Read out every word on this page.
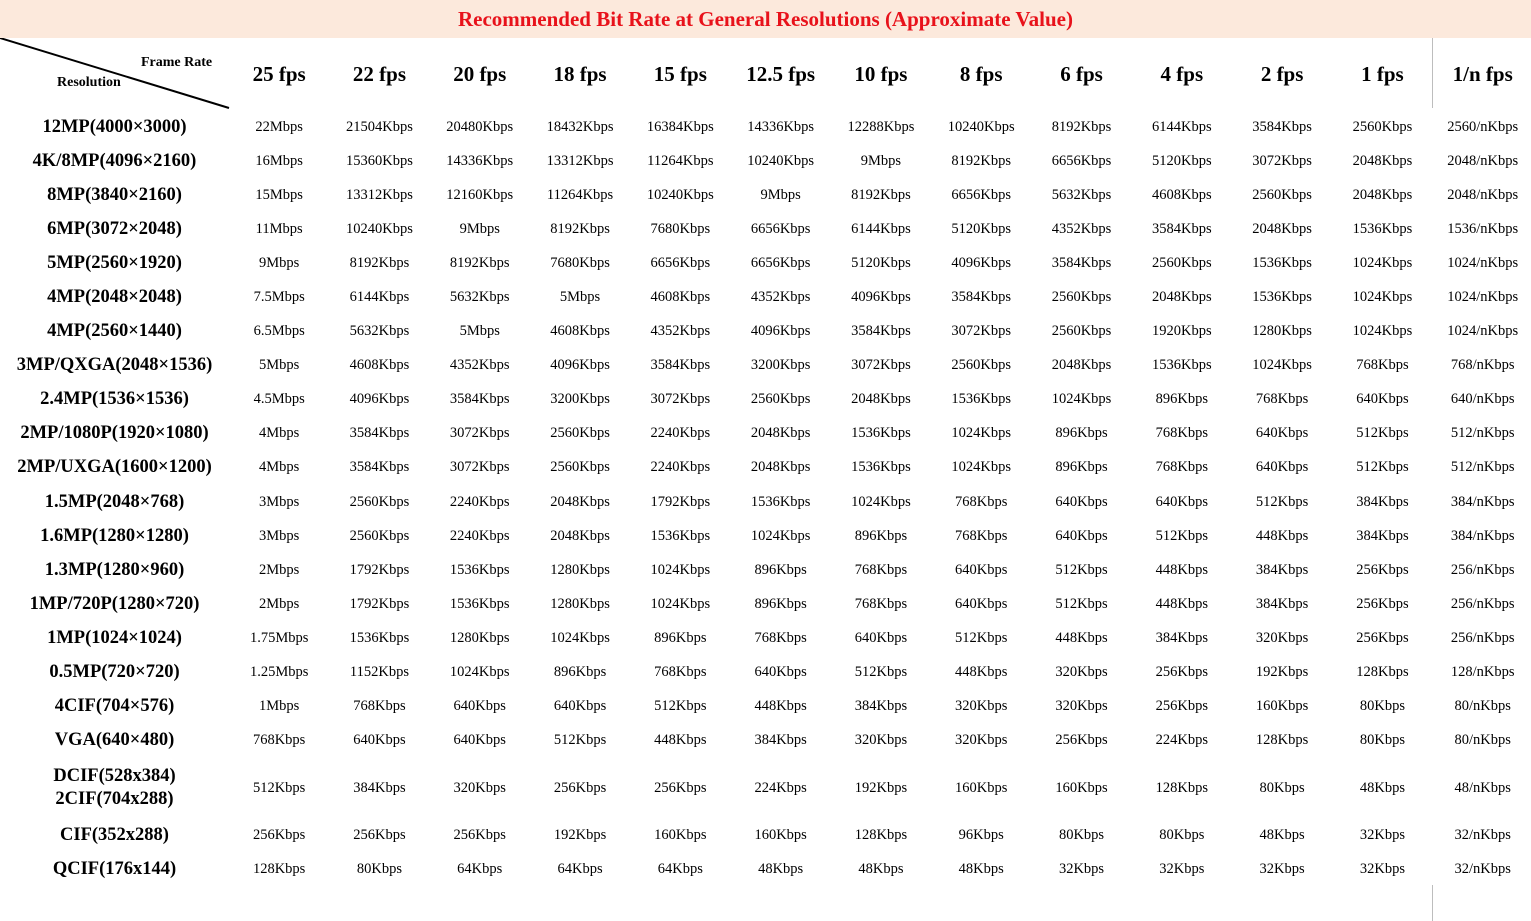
Recommended Bit Rate at General Resolutions (Approximate Value)
	25 fps	22 fps	20 fps	18 fps	15 fps	12.5 fps	10 fps	8 fps	6 fps	4 fps	2 fps	1 fps	1/n fps

12MP(4000×3000)	22Mbps	21504Kbps	20480Kbps	18432Kbps	16384Kbps	14336Kbps	12288Kbps	10240Kbps	8192Kbps	6144Kbps	3584Kbps	2560Kbps	2560/nKbps

4K/8MP(4096×2160)	16Mbps	15360Kbps	14336Kbps	13312Kbps	11264Kbps	10240Kbps	9Mbps	8192Kbps	6656Kbps	5120Kbps	3072Kbps	2048Kbps	2048/nKbps

8MP(3840×2160)	15Mbps	13312Kbps	12160Kbps	11264Kbps	10240Kbps	9Mbps	8192Kbps	6656Kbps	5632Kbps	4608Kbps	2560Kbps	2048Kbps	2048/nKbps

6MP(3072×2048)	11Mbps	10240Kbps	9Mbps	8192Kbps	7680Kbps	6656Kbps	6144Kbps	5120Kbps	4352Kbps	3584Kbps	2048Kbps	1536Kbps	1536/nKbps

5MP(2560×1920)	9Mbps	8192Kbps	8192Kbps	7680Kbps	6656Kbps	6656Kbps	5120Kbps	4096Kbps	3584Kbps	2560Kbps	1536Kbps	1024Kbps	1024/nKbps

4MP(2048×2048)	7.5Mbps	6144Kbps	5632Kbps	5Mbps	4608Kbps	4352Kbps	4096Kbps	3584Kbps	2560Kbps	2048Kbps	1536Kbps	1024Kbps	1024/nKbps

4MP(2560×1440)	6.5Mbps	5632Kbps	5Mbps	4608Kbps	4352Kbps	4096Kbps	3584Kbps	3072Kbps	2560Kbps	1920Kbps	1280Kbps	1024Kbps	1024/nKbps

3MP/QXGA(2048×1536)	5Mbps	4608Kbps	4352Kbps	4096Kbps	3584Kbps	3200Kbps	3072Kbps	2560Kbps	2048Kbps	1536Kbps	1024Kbps	768Kbps	768/nKbps

2.4MP(1536×1536)	4.5Mbps	4096Kbps	3584Kbps	3200Kbps	3072Kbps	2560Kbps	2048Kbps	1536Kbps	1024Kbps	896Kbps	768Kbps	640Kbps	640/nKbps

2MP/1080P(1920×1080)	4Mbps	3584Kbps	3072Kbps	2560Kbps	2240Kbps	2048Kbps	1536Kbps	1024Kbps	896Kbps	768Kbps	640Kbps	512Kbps	512/nKbps

2MP/UXGA(1600×1200)	4Mbps	3584Kbps	3072Kbps	2560Kbps	2240Kbps	2048Kbps	1536Kbps	1024Kbps	896Kbps	768Kbps	640Kbps	512Kbps	512/nKbps

1.5MP(2048×768)	3Mbps	2560Kbps	2240Kbps	2048Kbps	1792Kbps	1536Kbps	1024Kbps	768Kbps	640Kbps	640Kbps	512Kbps	384Kbps	384/nKbps

1.6MP(1280×1280)	3Mbps	2560Kbps	2240Kbps	2048Kbps	1536Kbps	1024Kbps	896Kbps	768Kbps	640Kbps	512Kbps	448Kbps	384Kbps	384/nKbps

1.3MP(1280×960)	2Mbps	1792Kbps	1536Kbps	1280Kbps	1024Kbps	896Kbps	768Kbps	640Kbps	512Kbps	448Kbps	384Kbps	256Kbps	256/nKbps

1MP/720P(1280×720)	2Mbps	1792Kbps	1536Kbps	1280Kbps	1024Kbps	896Kbps	768Kbps	640Kbps	512Kbps	448Kbps	384Kbps	256Kbps	256/nKbps

1MP(1024×1024)	1.75Mbps	1536Kbps	1280Kbps	1024Kbps	896Kbps	768Kbps	640Kbps	512Kbps	448Kbps	384Kbps	320Kbps	256Kbps	256/nKbps

0.5MP(720×720)	1.25Mbps	1152Kbps	1024Kbps	896Kbps	768Kbps	640Kbps	512Kbps	448Kbps	320Kbps	256Kbps	192Kbps	128Kbps	128/nKbps

4CIF(704×576)	1Mbps	768Kbps	640Kbps	640Kbps	512Kbps	448Kbps	384Kbps	320Kbps	320Kbps	256Kbps	160Kbps	80Kbps	80/nKbps

VGA(640×480)	768Kbps	640Kbps	640Kbps	512Kbps	448Kbps	384Kbps	320Kbps	320Kbps	256Kbps	224Kbps	128Kbps	80Kbps	80/nKbps

DCIF(528x384)
2CIF(704x288)	512Kbps	384Kbps	320Kbps	256Kbps	256Kbps	224Kbps	192Kbps	160Kbps	160Kbps	128Kbps	80Kbps	48Kbps	48/nKbps

CIF(352x288)	256Kbps	256Kbps	256Kbps	192Kbps	160Kbps	160Kbps	128Kbps	96Kbps	80Kbps	80Kbps	48Kbps	32Kbps	32/nKbps

QCIF(176x144)	128Kbps	80Kbps	64Kbps	64Kbps	64Kbps	48Kbps	48Kbps	48Kbps	32Kbps	32Kbps	32Kbps	32Kbps	32/nKbps
Frame Rate
Resolution
